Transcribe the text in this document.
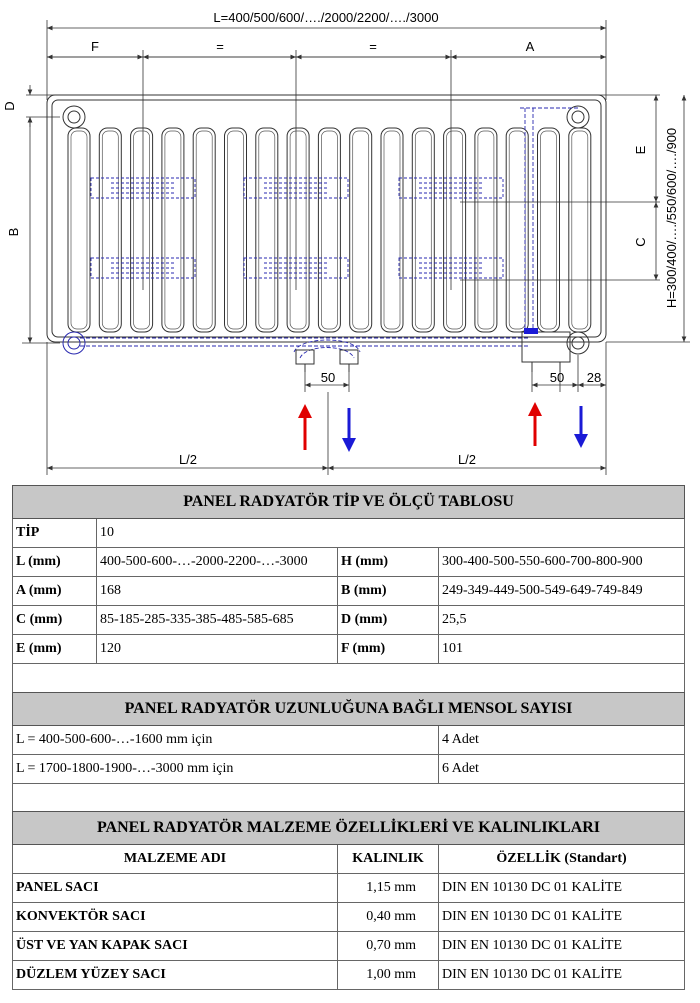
L=400/500/600/…./2000/2200/…./3000
F	=	=	A
D
B
E
C H=300/400/…./550/600/…./900
50	50 28
L/2	L/2
PANEL RADYATÖR TİP VE ÖLÇÜ TABLOSU			
TİP	10		
L (mm)	400-500-600-…-2000-2200-…-3000	H (mm)	300-400-500-550-600-700-800-900
A (mm)	168	B (mm)	249-349-449-500-549-649-749-849
C (mm)	85-185-285-335-385-485-585-685	D (mm)	25,5
E (mm)	120	F (mm)	101

PANEL RADYATÖR UZUNLUĞUNA BAĞLI MENSOL SAYISI	
L = 400-500-600-…-1600 mm için	4 Adet
L = 1700-1800-1900-…-3000 mm için	6 Adet

PANEL RADYATÖR MALZEME ÖZELLİKLERİ VE KALINLIKLARI		
MALZEME ADI	KALINLIK	ÖZELLİK (Standart)
PANEL SACI	1,15 mm	DIN EN 10130 DC 01 KALİTE
KONVEKTÖR SACI	0,40 mm	DIN EN 10130 DC 01 KALİTE
ÜST VE YAN KAPAK SACI	0,70 mm	DIN EN 10130 DC 01 KALİTE
DÜZLEM YÜZEY SACI	1,00 mm	DIN EN 10130 DC 01 KALİTE
